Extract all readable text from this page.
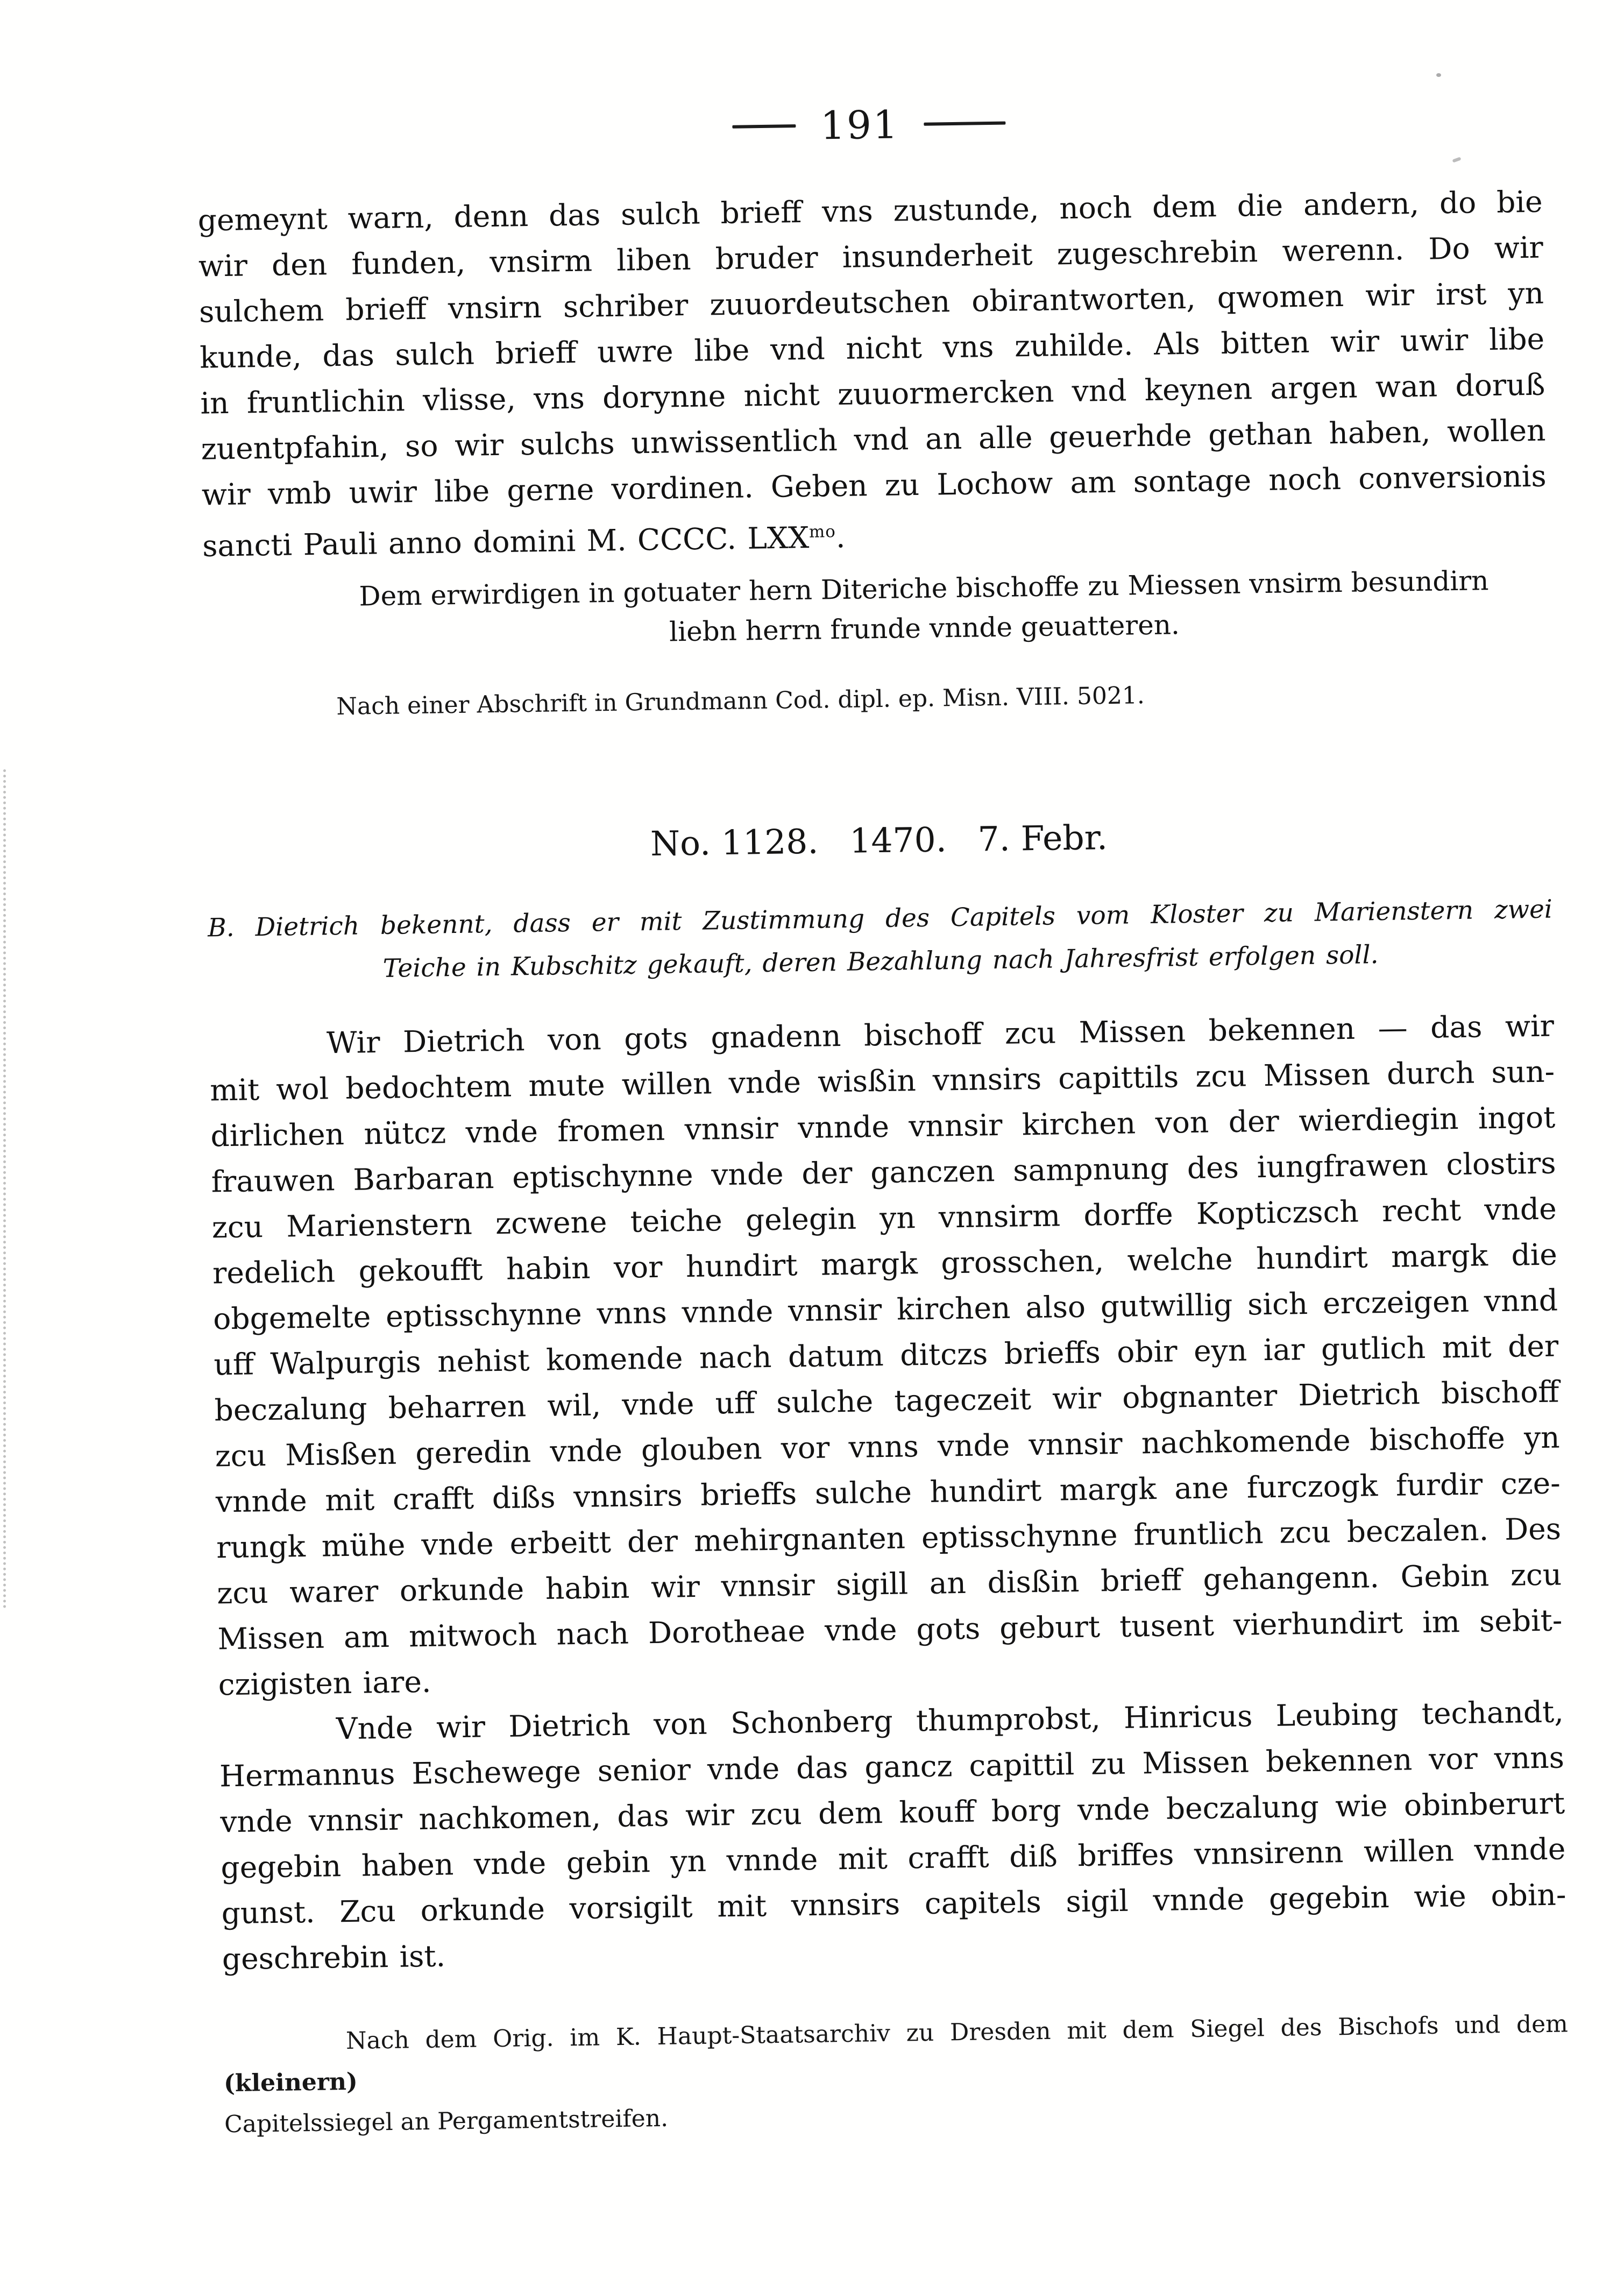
191
gemeynt warn, denn das sulch brieff vns zustunde, noch dem die andern, do bie
wir den funden, vnsirm liben bruder insunderheit zugeschrebin werenn. Do wir
sulchem brieff vnsirn schriber zuuordeutschen obirantworten, qwomen wir irst yn
kunde, das sulch brieff uwre libe vnd nicht vns zuhilde. Als bitten wir uwir libe
in fruntlichin vlisse, vns dorynne nicht zuuormercken vnd keynen argen wan doruß
zuentpfahin, so wir sulchs unwissentlich vnd an alle geuerhde gethan haben, wollen
wir vmb uwir libe gerne vordinen. Geben zu Lochow am sontage noch conversionis
sancti Pauli anno domini M. CCCC. $LXX^{mo}$.
Dem erwirdigen in gotuater hern Diteriche bischoffe zu Miessen vnsirm besundirn
liebn herrn frunde vnnde geuatteren.
Nach einer Abschrift in Grundmann Cod. dipl. ep. Misn. VIII. 5021.
No. 1128. 1470. 7. Febr.
B. Dietrich bekennt, dass er mit Zustimmung des Capitels vom Kloster zu Marienstern zwei
Teiche in Kubschitz gekauft, deren Bezahlung nach Jahresfrist erfolgen soll.
Wir Dietrich von gots gnadenn bischoff zcu Missen bekennen — das wir
mit wol bedochtem mute willen vnde wisßin vnnsirs capittils zcu Missen durch sun-
dirlichen nütcz vnde fromen vnnsir vnnde vnnsir kirchen von der wierdiegin ingot
frauwen Barbaran eptischynne vnde der ganczen sampnung des iungfrawen clostirs
zcu Marienstern zcwene teiche gelegin yn vnnsirm dorffe Kopticzsch recht vnde
redelich gekoufft habin vor hundirt margk grosschen, welche hundirt margk die
obgemelte eptisschynne vnns vnnde vnnsir kirchen also gutwillig sich erczeigen vnnd
uff Walpurgis nehist komende nach datum ditczs brieffs obir eyn iar gutlich mit der
beczalung beharren wil, vnde uff sulche tageczeit wir obgnanter Dietrich bischoff
zcu Misßen geredin vnde glouben vor vnns vnde vnnsir nachkomende bischoffe yn
vnnde mit crafft dißs vnnsirs brieffs sulche hundirt margk ane furczogk furdir cze-
rungk mühe vnde erbeitt der mehirgnanten eptisschynne fruntlich zcu beczalen. Des
zcu warer orkunde habin wir vnnsir sigill an disßin brieff gehangenn. Gebin zcu
Missen am mitwoch nach Dorotheae vnde gots geburt tusent vierhundirt im sebit-
czigisten iare.
Vnde wir Dietrich von Schonberg thumprobst, Hinricus Leubing techandt,
Hermannus Eschewege senior vnde das gancz capittil zu Missen bekennen vor vnns
vnde vnnsir nachkomen, das wir zcu dem kouff borg vnde beczalung wie obinberurt
gegebin haben vnde gebin yn vnnde mit crafft diß briffes vnnsirenn willen vnnde
gunst. Zcu orkunde vorsigilt mit vnnsirs capitels sigil vnnde gegebin wie obin-
geschrebin ist.
Nach dem Orig. im K. Haupt-Staatsarchiv zu Dresden mit dem Siegel des Bischofs und dem (kleinern)
Capitelssiegel an Pergamentstreifen.
